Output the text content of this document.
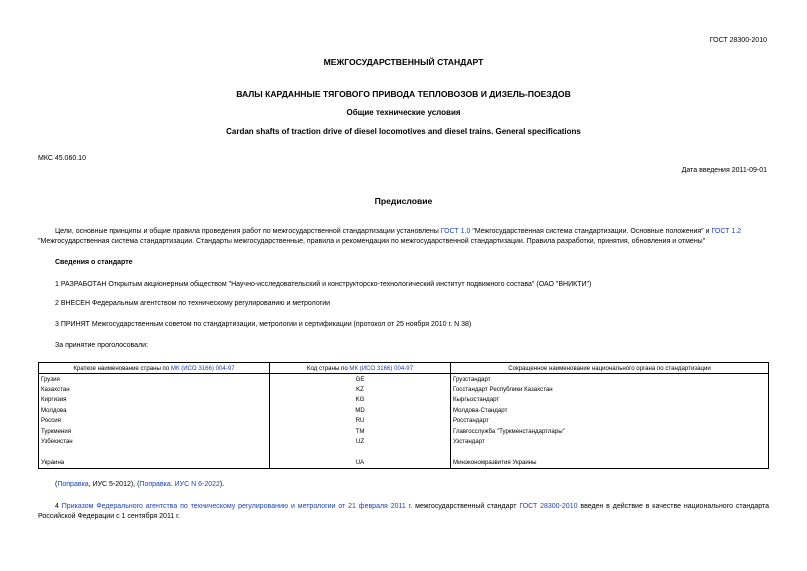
ГОСТ 28300-2010
МЕЖГОСУДАРСТВЕННЫЙ СТАНДАРТ
ВАЛЫ КАРДАННЫЕ ТЯГОВОГО ПРИВОДА ТЕПЛОВОЗОВ И ДИЗЕЛЬ-ПОЕЗДОВ
Общие технические условия
Cardan shafts of traction drive of diesel locomotives and diesel trains. General specifications
МКС 45.060.10
Дата введения 2011-09-01
Предисловие
Цели, основные принципы и общие правила проведения работ по межгосударственной стандартизации установлены ГОСТ 1.0 "Межгосударственная система стандартизации. Основные положения" и ГОСТ 1.2 "Межгосударственная система стандартизации. Стандарты межгосударственные, правила и рекомендации по межгосударственной стандартизации. Правила разработки, принятия, обновления и отмены"
Сведения о стандарте
1 РАЗРАБОТАН Открытым акционерным обществом "Научно-исследовательский и конструкторско-технологический институт подвижного состава" (ОАО "ВНИКТИ")
2 ВНЕСЕН Федеральным агентством по техническому регулированию и метрологии
3 ПРИНЯТ Межгосударственным советом по стандартизации, метрологии и сертификации (протокол от 25 ноября 2010 г. N 38)
За принятие проголосовали:
Краткое наименование страны по МК (ИСО 3166) 004-97	Код страны по МК (ИСО 3166) 004-97	Сокращенное наименование национального органа по стандартизации
Грузия	GE	Грузстандарт
Казахстан	KZ	Госстандарт Республики Казахстан
Киргизия	KG	Кыргызстандарт
Молдова	MD	Молдова-Стандарт
Россия	RU	Росстандарт
Туркмения	TM	Главгосслужба "Туркменстандартлары"
Узбекистан	UZ	Узстандарт

Украина	UA	Минэкономразвития Украины
(Поправка, ИУС 5-2012), (Поправка. ИУС N 6-2022).
4 Приказом Федерального агентства по техническому регулированию и метрологии от 21 февраля 2011 г. межгосударственный стандарт ГОСТ 28300-2010 введен в действие в качестве национального стандарта Российской Федерации с 1 сентября 2011 г.
